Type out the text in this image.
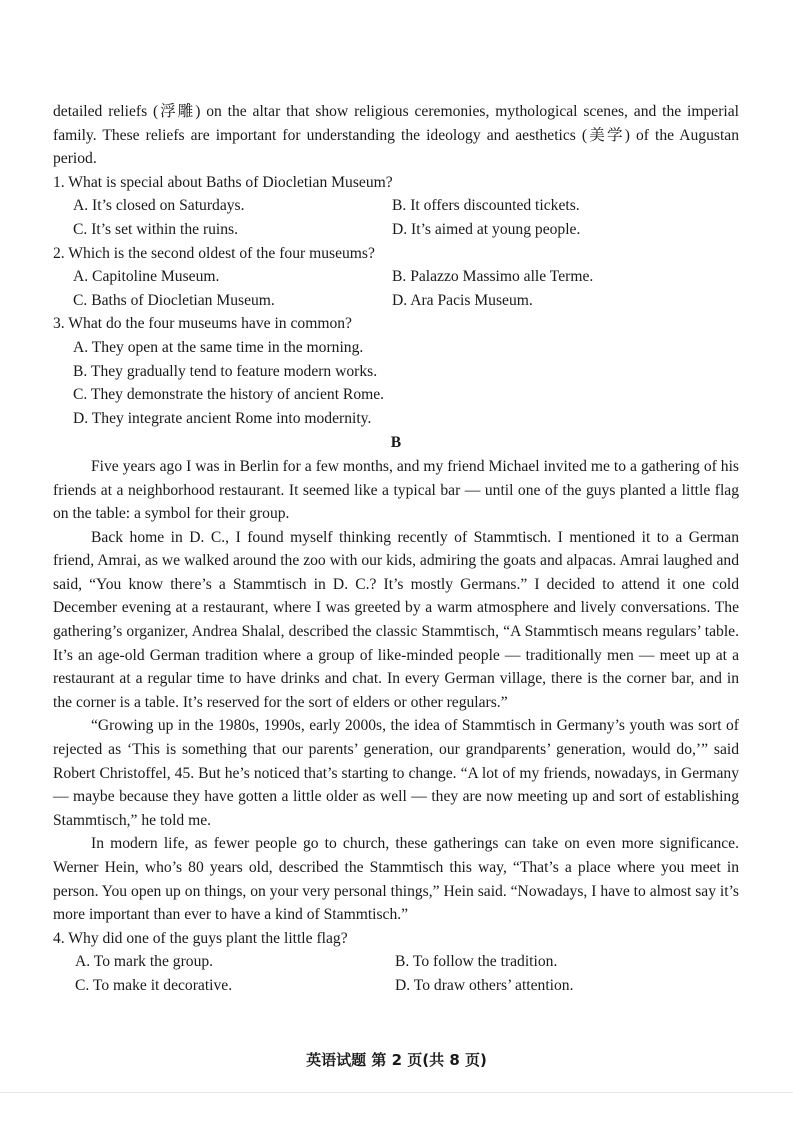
detailed reliefs (浮雕) on the altar that show religious ceremonies, mythological scenes, and the imperial family. These reliefs are important for understanding the ideology and aesthetics (美学) of the Augustan period.

1. What is special about Baths of Diocletian Museum?

A. It’s closed on Saturdays.	B. It offers discounted tickets.
C. It’s set within the ruins.	D. It’s aimed at young people.

2. Which is the second oldest of the four museums?

A. Capitoline Museum.	B. Palazzo Massimo alle Terme.
C. Baths of Diocletian Museum.	D. Ara Pacis Museum.

3. What do the four museums have in common?

A. They open at the same time in the morning.
B. They gradually tend to feature modern works.
C. They demonstrate the history of ancient Rome.
D. They integrate ancient Rome into modernity.

B

Five years ago I was in Berlin for a few months, and my friend Michael invited me to a gathering of his friends at a neighborhood restaurant. It seemed like a typical bar — until one of the guys planted a little flag on the table: a symbol for their group.

Back home in D. C., I found myself thinking recently of Stammtisch. I mentioned it to a German friend, Amrai, as we walked around the zoo with our kids, admiring the goats and alpacas. Amrai laughed and said, “You know there’s a Stammtisch in D. C.? It’s mostly Germans.” I decided to attend it one cold December evening at a restaurant, where I was greeted by a warm atmosphere and lively conversations. The gathering’s organizer, Andrea Shalal, described the classic Stammtisch, “A Stammtisch means regulars’ table. It’s an age-old German tradition where a group of like-minded people — traditionally men — meet up at a restaurant at a regular time to have drinks and chat. In every German village, there is the corner bar, and in the corner is a table. It’s reserved for the sort of elders or other regulars.”

“Growing up in the 1980s, 1990s, early 2000s, the idea of Stammtisch in Germany’s youth was sort of rejected as ‘This is something that our parents’ generation, our grandparents’ generation, would do,’” said Robert Christoffel, 45. But he’s noticed that’s starting to change. “A lot of my friends, nowadays, in Germany — maybe because they have gotten a little older as well — they are now meeting up and sort of establishing Stammtisch,” he told me.

In modern life, as fewer people go to church, these gatherings can take on even more significance. Werner Hein, who’s 80 years old, described the Stammtisch this way, “That’s a place where you meet in person. You open up on things, on your very personal things,” Hein said. “Nowadays, I have to almost say it’s more important than ever to have a kind of Stammtisch.”

4. Why did one of the guys plant the little flag?

A. To mark the group.	B. To follow the tradition.
C. To make it decorative.	D. To draw others’ attention.
英语试题 第 2 页(共 8 页)
